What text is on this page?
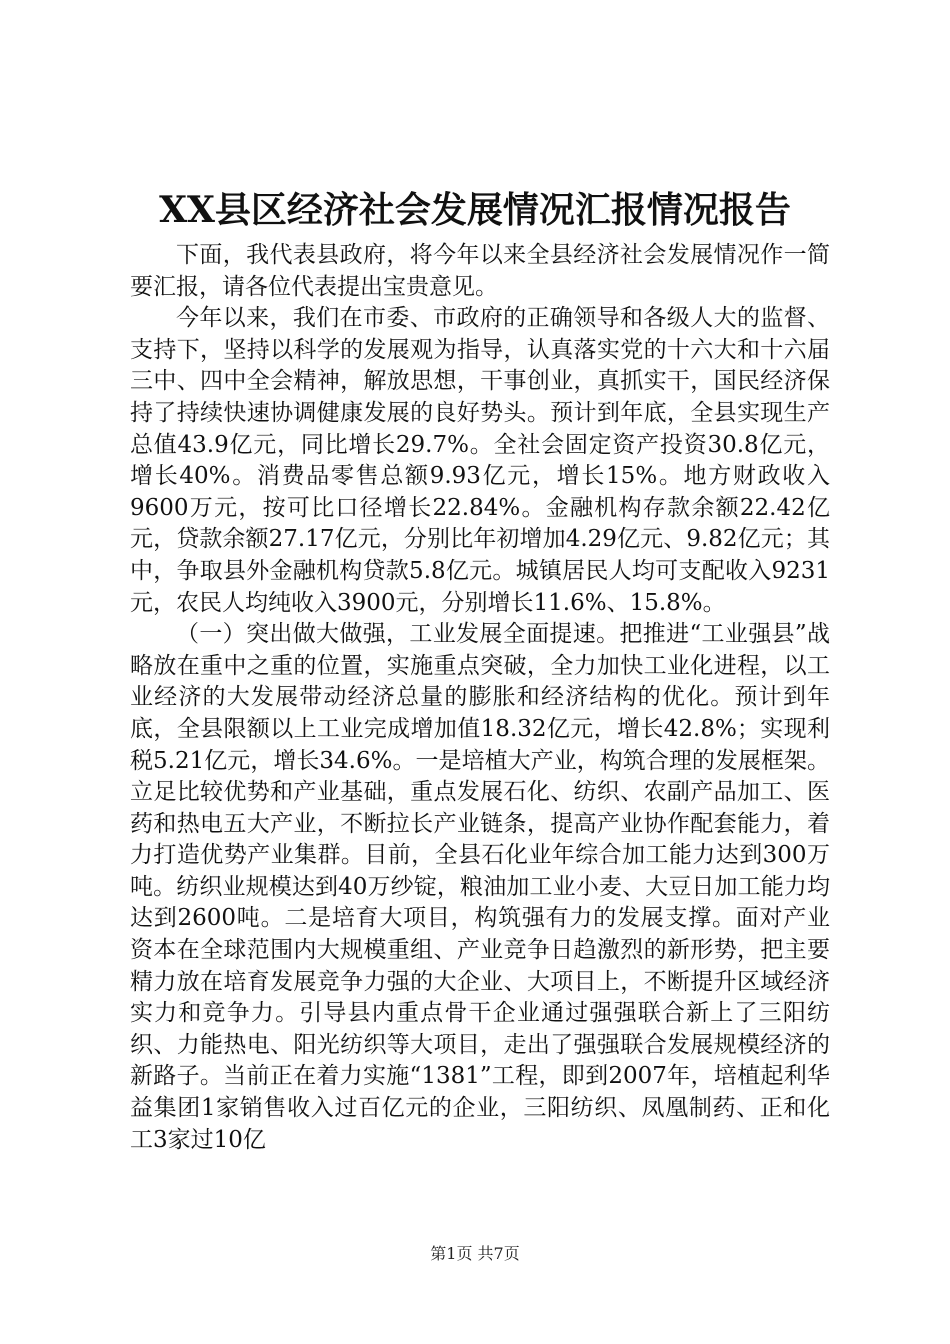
XX县区经济社会发展情况汇报情况报告

下面，我代表县政府，将今年以来全县经济社会发展情况作一简要汇报，请各位代表提出宝贵意见。

今年以来，我们在市委、市政府的正确领导和各级人大的监督、支持下，坚持以科学的发展观为指导，认真落实党的十六大和十六届三中、四中全会精神，解放思想，干事创业，真抓实干，国民经济保持了持续快速协调健康发展的良好势头。预计到年底，全县实现生产总值43.9亿元，同比增长29.7%。全社会固定资产投资30.8亿元，增长40%。消费品零售总额9.93亿元，增长15%。地方财政收入9600万元，按可比口径增长22.84%。金融机构存款余额22.42亿元，贷款余额27.17亿元，分别比年初增加4.29亿元、9.82亿元；其中，争取县外金融机构贷款5.8亿元。城镇居民人均可支配收入9231元，农民人均纯收入3900元，分别增长11.6%、15.8%。

（一）突出做大做强，工业发展全面提速。把推进“工业强县”战略放在重中之重的位置，实施重点突破，全力加快工业化进程，以工业经济的大发展带动经济总量的膨胀和经济结构的优化。预计到年底，全县限额以上工业完成增加值18.32亿元，增长42.8%；实现利税5.21亿元，增长34.6%。一是培植大产业，构筑合理的发展框架。立足比较优势和产业基础，重点发展石化、纺织、农副产品加工、医药和热电五大产业，不断拉长产业链条，提高产业协作配套能力，着力打造优势产业集群。目前，全县石化业年综合加工能力达到300万吨。纺织业规模达到40万纱锭，粮油加工业小麦、大豆日加工能力均达到2600吨。二是培育大项目，构筑强有力的发展支撑。面对产业资本在全球范围内大规模重组、产业竞争日趋激烈的新形势，把主要精力放在培育发展竞争力强的大企业、大项目上，不断提升区域经济实力和竞争力。引导县内重点骨干企业通过强强联合新上了三阳纺织、力能热电、阳光纺织等大项目，走出了强强联合发展规模经济的新路子。当前正在着力实施“1381”工程，即到2007年，培植起利华益集团1家销售收入过百亿元的企业，三阳纺织、凤凰制药、正和化工3家过10亿

第1页 共7页
